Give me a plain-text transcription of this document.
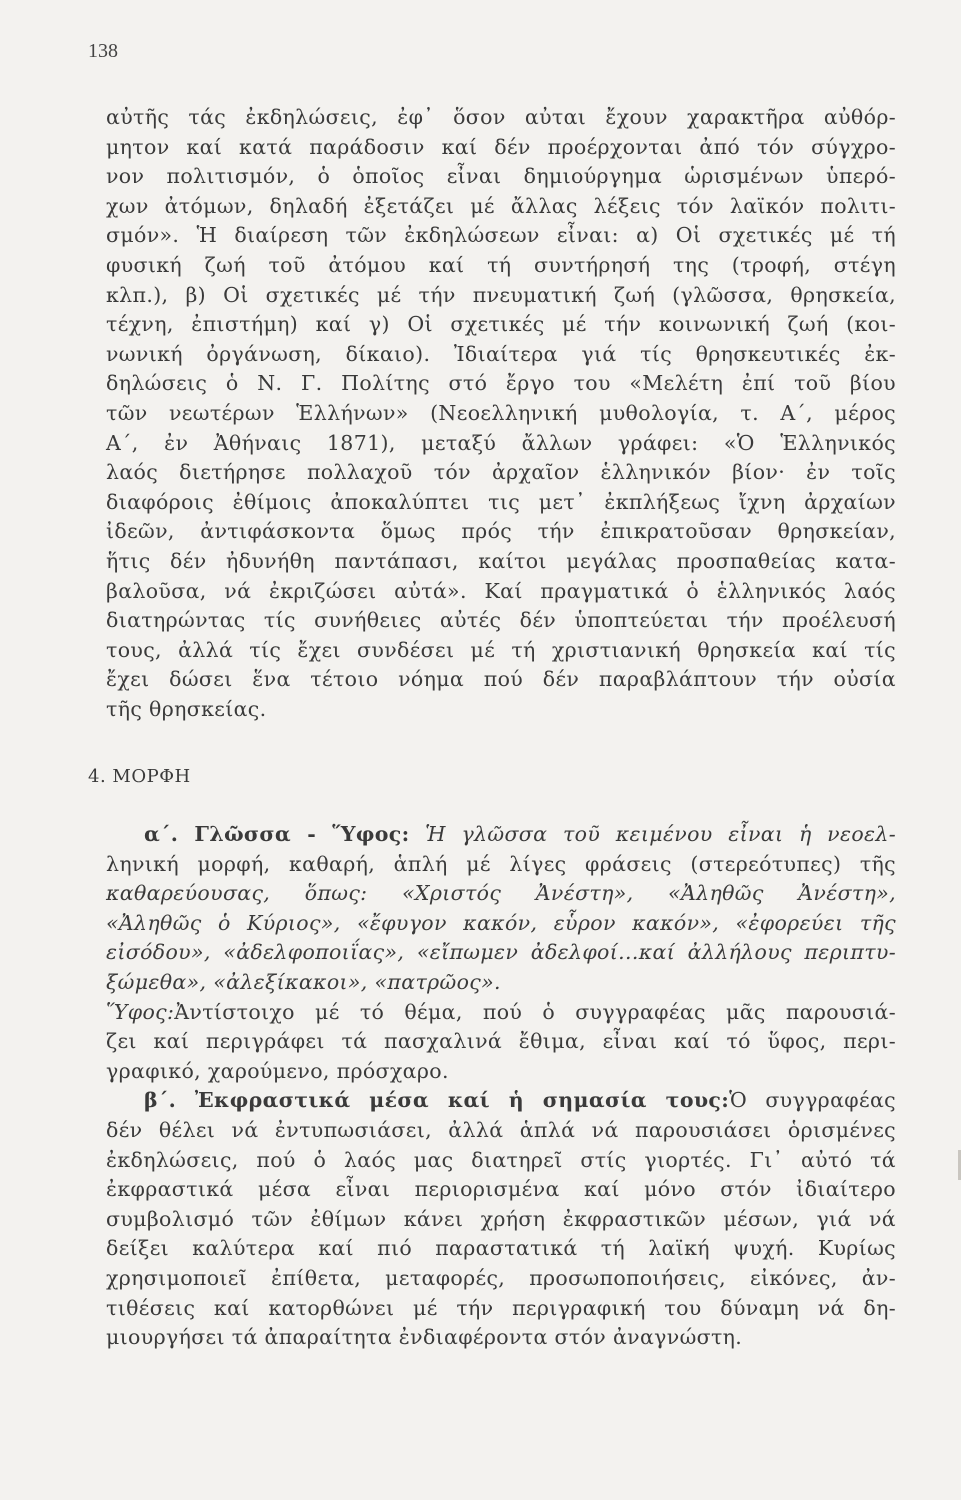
138
αὐτῆς τάς ἐκδηλώσεις, ἐφ᾽ ὅσον αὐται ἔχουν χαρακτῆρα αὐθόρ-
μητον καί κατά παράδοσιν καί δέν προέρχονται ἀπό τόν σύγχρο-
νον πολιτισμόν, ὁ ὁποῖος εἶναι δημιούργημα ὡρισμένων ὑπερό-
χων ἀτόμων, δηλαδή ἐξετάζει μέ ἄλλας λέξεις τόν λαϊκόν πολιτι-
σμόν». Ἡ διαίρεση τῶν ἐκδηλώσεων εἶναι: α) Οἱ σχετικές μέ τή
φυσική ζωή τοῦ ἀτόμου καί τή συντήρησή της (τροφή, στέγη
κλπ.), β) Οἱ σχετικές μέ τήν πνευματική ζωή (γλῶσσα, θρησκεία,
τέχνη, ἐπιστήμη) καί γ) Οἱ σχετικές μέ τήν κοινωνική ζωή (κοι-
νωνική ὀργάνωση, δίκαιο). Ἰδιαίτερα γιά τίς θρησκευτικές ἐκ-
δηλώσεις ὁ Ν. Γ. Πολίτης στό ἔργο του «Μελέτη ἐπί τοῦ βίου
τῶν νεωτέρων Ἑλλήνων» (Νεοελληνική μυθολογία, τ. Α΄, μέρος
Α΄, ἐν Ἀθήναις 1871), μεταξύ ἄλλων γράφει: «Ὁ Ἑλληνικός
λαός διετήρησε πολλαχοῦ τόν ἀρχαῖον ἑλληνικόν βίον· ἐν τοῖς
διαφόροις ἐθίμοις ἀποκαλύπτει τις μετ᾽ ἐκπλήξεως ἴχνη ἀρχαίων
ἰδεῶν, ἀντιφάσκοντα ὅμως πρός τήν ἐπικρατοῦσαν θρησκείαν,
ἥτις δέν ἠδυνήθη παντάπασι, καίτοι μεγάλας προσπαθείας κατα-
βαλοῦσα, νά ἐκριζώσει αὐτά». Καί πραγματικά ὁ ἑλληνικός λαός
διατηρώντας τίς συνήθειες αὐτές δέν ὑποπτεύεται τήν προέλευσή
τους, ἀλλά τίς ἔχει συνδέσει μέ τή χριστιανική θρησκεία καί τίς
ἔχει δώσει ἕνα τέτοιο νόημα πού δέν παραβλάπτουν τήν οὐσία
τῆς θρησκείας.
4. ΜΟΡΦΗ
α΄. Γλῶσσα - Ὕφος: Ἡ γλῶσσα τοῦ κειμένου εἶναι ἡ νεοελ-
ληνική μορφή, καθαρή, ἁπλή μέ λίγες φράσεις (στερεότυπες) τῆς
καθαρεύουσας, ὅπως: «Χριστός Ἀνέστη», «Ἀληθῶς Ἀνέστη»,
«Ἀληθῶς ὁ Κύριος», «ἔφυγον κακόν, εὗρον κακόν», «ἐφορεύει τῆς
εἰσόδου», «ἀδελφοποιΐας», «εἴπωμεν ἀδελφοί...καί ἀλλήλους περιπτυ-
ξώμεθα», «ἀλεξίκακοι», «πατρῶος».
Ὕφος:Ἀντίστοιχο μέ τό θέμα, πού ὁ συγγραφέας μᾶς παρουσιά-
ζει καί περιγράφει τά πασχαλινά ἔθιμα, εἶναι καί τό ὕφος, περι-
γραφικό, χαρούμενο, πρόσχαρο.
β΄. Ἐκφραστικά μέσα καί ἡ σημασία τους:Ὁ συγγραφέας
δέν θέλει νά ἐντυπωσιάσει, ἀλλά ἁπλά νά παρουσιάσει ὁρισμένες
ἐκδηλώσεις, πού ὁ λαός μας διατηρεῖ στίς γιορτές. Γι᾽ αὐτό τά
ἐκφραστικά μέσα εἶναι περιορισμένα καί μόνο στόν ἰδιαίτερο
συμβολισμό τῶν ἐθίμων κάνει χρήση ἐκφραστικῶν μέσων, γιά νά
δείξει καλύτερα καί πιό παραστατικά τή λαϊκή ψυχή. Κυρίως
χρησιμοποιεῖ ἐπίθετα, μεταφορές, προσωποποιήσεις, εἰκόνες, ἀν-
τιθέσεις καί κατορθώνει μέ τήν περιγραφική του δύναμη νά δη-
μιουργήσει τά ἀπαραίτητα ἐνδιαφέροντα στόν ἀναγνώστη.
